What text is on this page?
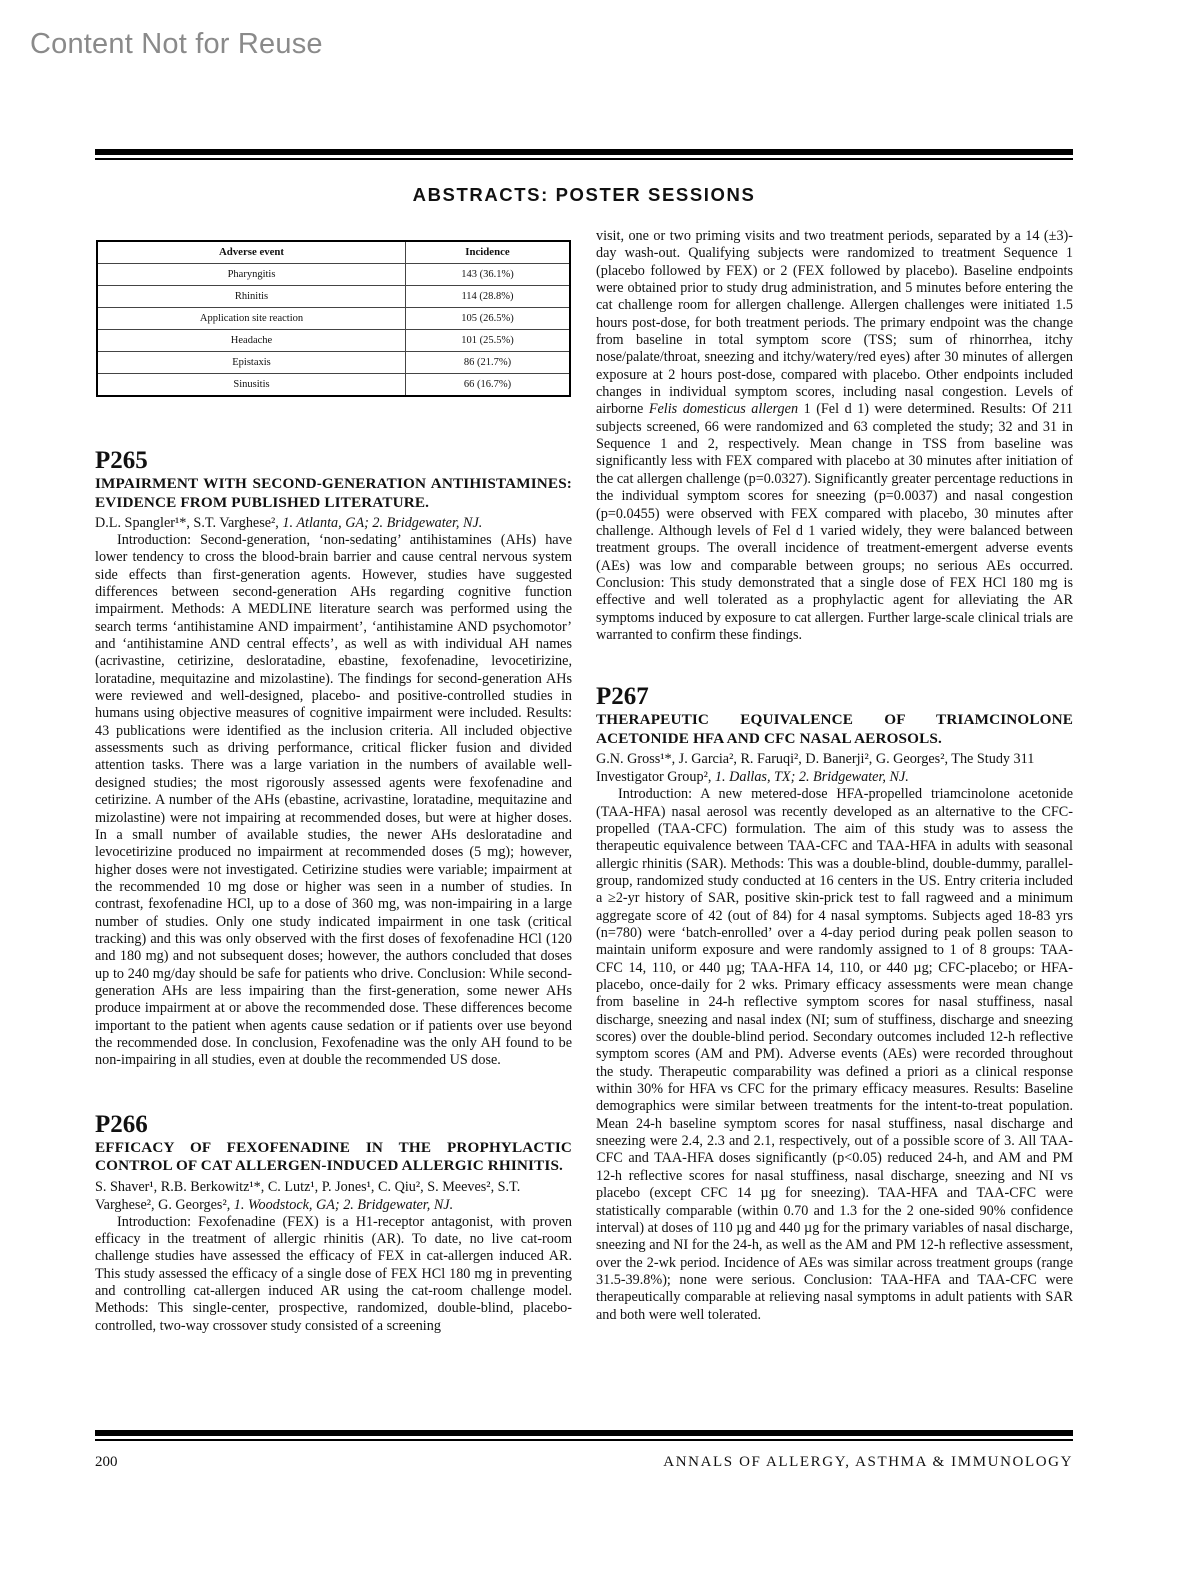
Content Not for Reuse
ABSTRACTS: POSTER SESSIONS
Adverse event	Incidence
Pharyngitis	143 (36.1%)
Rhinitis	114 (28.8%)
Application site reaction	105 (26.5%)
Headache	101 (25.5%)
Epistaxis	86 (21.7%)
Sinusitis	66 (16.7%)
P265

IMPAIRMENT WITH SECOND-GENERATION ANTIHISTAMINES: EVIDENCE FROM PUBLISHED LITERATURE.

D.L. Spangler¹*, S.T. Varghese², 1. Atlanta, GA; 2. Bridgewater, NJ.

Introduction: Second-generation, ‘non-sedating’ antihistamines (AHs) have lower tendency to cross the blood-brain barrier and cause central nervous system side effects than first-generation agents. However, studies have suggested differences between second-generation AHs regarding cognitive function impairment. Methods: A MEDLINE literature search was performed using the search terms ‘antihistamine AND impairment’, ‘antihistamine AND psychomotor’ and ‘antihistamine AND central effects’, as well as with individual AH names (acrivastine, cetirizine, desloratadine, ebastine, fexofenadine, levocetirizine, loratadine, mequitazine and mizolastine). The findings for second-generation AHs were reviewed and well-designed, placebo- and positive-controlled studies in humans using objective measures of cognitive impairment were included. Results: 43 publications were identified as the inclusion criteria. All included objective assessments such as driving performance, critical flicker fusion and divided attention tasks. There was a large variation in the numbers of available well-designed studies; the most rigorously assessed agents were fexofenadine and cetirizine. A number of the AHs (ebastine, acrivastine, loratadine, mequitazine and mizolastine) were not impairing at recommended doses, but were at higher doses. In a small number of available studies, the newer AHs desloratadine and levocetirizine produced no impairment at recommended doses (5 mg); however, higher doses were not investigated. Cetirizine studies were variable; impairment at the recommended 10 mg dose or higher was seen in a number of studies. In contrast, fexofenadine HCl, up to a dose of 360 mg, was non-impairing in a large number of studies. Only one study indicated impairment in one task (critical tracking) and this was only observed with the first doses of fexofenadine HCl (120 and 180 mg) and not subsequent doses; however, the authors concluded that doses up to 240 mg/day should be safe for patients who drive. Conclusion: While second-generation AHs are less impairing than the first-generation, some newer AHs produce impairment at or above the recommended dose. These differences become important to the patient when agents cause sedation or if patients over use beyond the recommended dose. In conclusion, Fexofenadine was the only AH found to be non-impairing in all studies, even at double the recommended US dose.

P266

EFFICACY OF FEXOFENADINE IN THE PROPHYLACTIC CONTROL OF CAT ALLERGEN-INDUCED ALLERGIC RHINITIS.

S. Shaver¹, R.B. Berkowitz¹*, C. Lutz¹, P. Jones¹, C. Qiu², S. Meeves², S.T. Varghese², G. Georges², 1. Woodstock, GA; 2. Bridgewater, NJ.

Introduction: Fexofenadine (FEX) is a H1-receptor antagonist, with proven efficacy in the treatment of allergic rhinitis (AR). To date, no live cat-room challenge studies have assessed the efficacy of FEX in cat-allergen induced AR. This study assessed the efficacy of a single dose of FEX HCl 180 mg in preventing and controlling cat-allergen induced AR using the cat-room challenge model. Methods: This single-center, prospective, randomized, double-blind, placebo-controlled, two-way crossover study consisted of a screening

visit, one or two priming visits and two treatment periods, separated by a 14 (±3)-day wash-out. Qualifying subjects were randomized to treatment Sequence 1 (placebo followed by FEX) or 2 (FEX followed by placebo). Baseline endpoints were obtained prior to study drug administration, and 5 minutes before entering the cat challenge room for allergen challenge. Allergen challenges were initiated 1.5 hours post-dose, for both treatment periods. The primary endpoint was the change from baseline in total symptom score (TSS; sum of rhinorrhea, itchy nose/palate/throat, sneezing and itchy/watery/red eyes) after 30 minutes of allergen exposure at 2 hours post-dose, compared with placebo. Other endpoints included changes in individual symptom scores, including nasal congestion. Levels of airborne Felis domesticus allergen 1 (Fel d 1) were determined. Results: Of 211 subjects screened, 66 were randomized and 63 completed the study; 32 and 31 in Sequence 1 and 2, respectively. Mean change in TSS from baseline was significantly less with FEX compared with placebo at 30 minutes after initiation of the cat allergen challenge (p=0.0327). Significantly greater percentage reductions in the individual symptom scores for sneezing (p=0.0037) and nasal congestion (p=0.0455) were observed with FEX compared with placebo, 30 minutes after challenge. Although levels of Fel d 1 varied widely, they were balanced between treatment groups. The overall incidence of treatment-emergent adverse events (AEs) was low and comparable between groups; no serious AEs occurred. Conclusion: This study demonstrated that a single dose of FEX HCl 180 mg is effective and well tolerated as a prophylactic agent for alleviating the AR symptoms induced by exposure to cat allergen. Further large-scale clinical trials are warranted to confirm these findings.

P267

THERAPEUTIC EQUIVALENCE OF TRIAMCINOLONE ACETONIDE HFA AND CFC NASAL AEROSOLS.

G.N. Gross¹*, J. Garcia², R. Faruqi², D. Banerji², G. Georges², The Study 311 Investigator Group², 1. Dallas, TX; 2. Bridgewater, NJ.

Introduction: A new metered-dose HFA-propelled triamcinolone acetonide (TAA-HFA) nasal aerosol was recently developed as an alternative to the CFC-propelled (TAA-CFC) formulation. The aim of this study was to assess the therapeutic equivalence between TAA-CFC and TAA-HFA in adults with seasonal allergic rhinitis (SAR). Methods: This was a double-blind, double-dummy, parallel-group, randomized study conducted at 16 centers in the US. Entry criteria included a ≥2-yr history of SAR, positive skin-prick test to fall ragweed and a minimum aggregate score of 42 (out of 84) for 4 nasal symptoms. Subjects aged 18-83 yrs (n=780) were ‘batch-enrolled’ over a 4-day period during peak pollen season to maintain uniform exposure and were randomly assigned to 1 of 8 groups: TAA-CFC 14, 110, or 440 µg; TAA-HFA 14, 110, or 440 µg; CFC-placebo; or HFA-placebo, once-daily for 2 wks. Primary efficacy assessments were mean change from baseline in 24-h reflective symptom scores for nasal stuffiness, nasal discharge, sneezing and nasal index (NI; sum of stuffiness, discharge and sneezing scores) over the double-blind period. Secondary outcomes included 12-h reflective symptom scores (AM and PM). Adverse events (AEs) were recorded throughout the study. Therapeutic comparability was defined a priori as a clinical response within 30% for HFA vs CFC for the primary efficacy measures. Results: Baseline demographics were similar between treatments for the intent-to-treat population. Mean 24-h baseline symptom scores for nasal stuffiness, nasal discharge and sneezing were 2.4, 2.3 and 2.1, respectively, out of a possible score of 3. All TAA-CFC and TAA-HFA doses significantly (p<0.05) reduced 24-h, and AM and PM 12-h reflective scores for nasal stuffiness, nasal discharge, sneezing and NI vs placebo (except CFC 14 µg for sneezing). TAA-HFA and TAA-CFC were statistically comparable (within 0.70 and 1.3 for the 2 one-sided 90% confidence interval) at doses of 110 µg and 440 µg for the primary variables of nasal discharge, sneezing and NI for the 24-h, as well as the AM and PM 12-h reflective assessment, over the 2-wk period. Incidence of AEs was similar across treatment groups (range 31.5-39.8%); none were serious. Conclusion: TAA-HFA and TAA-CFC were therapeutically comparable at relieving nasal symptoms in adult patients with SAR and both were well tolerated.

200	ANNALS OF ALLERGY, ASTHMA & IMMUNOLOGY
